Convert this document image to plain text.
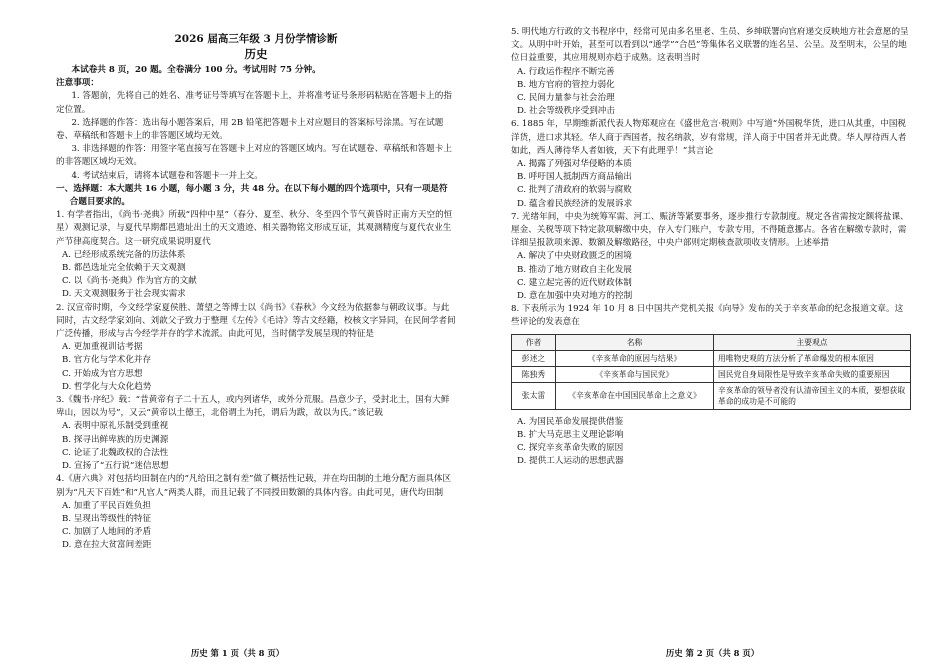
2026 届高三年级 3 月份学情诊断
历史
本试卷共 8 页，20 题。全卷满分 100 分。考试用时 75 分钟。
注意事项：
1. 答题前，先将自己的姓名、准考证号等填写在答题卡上，并将准考证号条形码粘贴在答题卡上的指定位置。
2. 选择题的作答：选出每小题答案后，用 2B 铅笔把答题卡上对应题目的答案标号涂黑。写在试题卷、草稿纸和答题卡上的非答题区域均无效。
3. 非选择题的作答：用签字笔直接写在答题卡上对应的答题区域内。写在试题卷、草稿纸和答题卡上的非答题区域均无效。
4. 考试结束后，请将本试题卷和答题卡一并上交。
一、选择题：本大题共 16 小题，每小题 3 分，共 48 分。在以下每小题的四个选项中，只有一项是符
合题目要求的。

1. 有学者指出，《尚书·尧典》所载“四仲中星”（春分、夏至、秋分、冬至四个节气黄昏时正南方天空的恒星）观测记录，与夏代早期都邑遗址出土的天文遗迹、相关器物铭文形成互证，其观测精度与夏代农业生产节律高度契合。这一研究成果说明夏代

A. 已经形成系统完备的历法体系
B. 都邑选址完全依赖于天文观测
C. 以《尚书·尧典》作为官方的文献
D. 天文观测服务于社会现实需求

2. 汉宣帝时期，今文经学家夏侯胜、萧望之等博士以《尚书》《春秋》今文经为依据参与朝政议事。与此同时，古文经学家刘向、刘歆父子致力于整理《左传》《毛诗》等古文经籍，校核文字异同，在民间学者间广泛传播，形成与古今经学并存的学术流派。由此可见，当时儒学发展呈现的特征是

A. 更加重视训诂考据
B. 官方化与学术化并存
C. 开始成为官方思想
D. 哲学化与大众化趋势

3.《魏书·序纪》载：“昔黄帝有子二十五人，或内列诸华，或外分荒服。昌意少子，受封北土，国有大鲜卑山，因以为号”，又云“黄帝以土德王，北俗谓土为托，谓后为跋，故以为氏。”该记载

A. 表明中原礼乐制受到重视
B. 探寻出鲜卑族的历史渊源
C. 论证了北魏政权的合法性
D. 宣扬了“五行说”迷信思想

4.《唐六典》对包括均田制在内的“凡给田之制有差”做了概括性记载，并在均田制的土地分配方面具体区别为“凡天下百姓”和“凡官人”两类人群，而且记载了不同授田数额的具体内容。由此可见，唐代均田制

A. 加重了平民百姓负担
B. 呈现出等级性的特征
C. 加剧了人地间的矛盾
D. 意在拉大贫富间差距
历史 第 1 页（共 8 页）

5. 明代地方行政的文书程序中，经常可见由多名里老、生员、乡绅联署向官府递交反映地方社会意愿的呈文。从明中叶开始，甚至可以看到以“通学”“合邑”等集体名义联署的连名呈、公呈。及至明末，公呈的地位日益重要，其应用规则亦趋于成熟。这表明当时

A. 行政运作程序不断完善
B. 地方官府的管控力弱化
C. 民间力量参与社会治理
D. 社会等级秩序受到冲击

6. 1885 年，早期维新派代表人物郑观应在《盛世危言·税则》中写道“外国税华货，进口从其重，中国税洋货，进口求其轻。华人商于西国者，按名纳款，岁有常规，洋人商于中国者并无此费。华人厚待西人者如此，西人薄待华人者如彼，天下有此理乎！”其言论

A. 揭露了列强对华侵略的本质
B. 呼吁国人抵制西方商品输出
C. 批判了清政府的软弱与腐败
D. 蕴含着民族经济的发展诉求

7. 光绪年间，中央为统筹军需、河工、赈济等紧要事务，逐步推行专款制度。规定各省需按定额将盐课、厘金、关税等项下特定款项解缴中央，存入专门账户，专款专用，不得随意挪占。各省在解缴专款时，需详细呈报款项来源、数额及解缴路径，中央户部则定期核查款项收支情形。上述举措

A. 解决了中央财政匮乏的困境
B. 推动了地方财政自主化发展
C. 建立起完善的近代财政体制
D. 意在加强中央对地方的控制

8. 下表所示为 1924 年 10 月 8 日中国共产党机关报《向导》发布的关于辛亥革命的纪念报道文章。这些评论的发表意在

作者	名称	主要观点
彭述之	《辛亥革命的原因与结果》	用唯物史观的方法分析了革命爆发的根本原因
陈独秀	《辛亥革命与国民党》	国民党自身局限性是导致辛亥革命失败的重要原因
张太雷	《辛亥革命在中国国民革命上之意义》	辛亥革命的领导者没有认清帝国主义的本质，要想获取革命的成功是不可能的
A. 为国民革命发展提供借鉴
B. 扩大马克思主义理论影响
C. 探究辛亥革命失败的原因
D. 提供工人运动的思想武器
历史 第 2 页（共 8 页）
